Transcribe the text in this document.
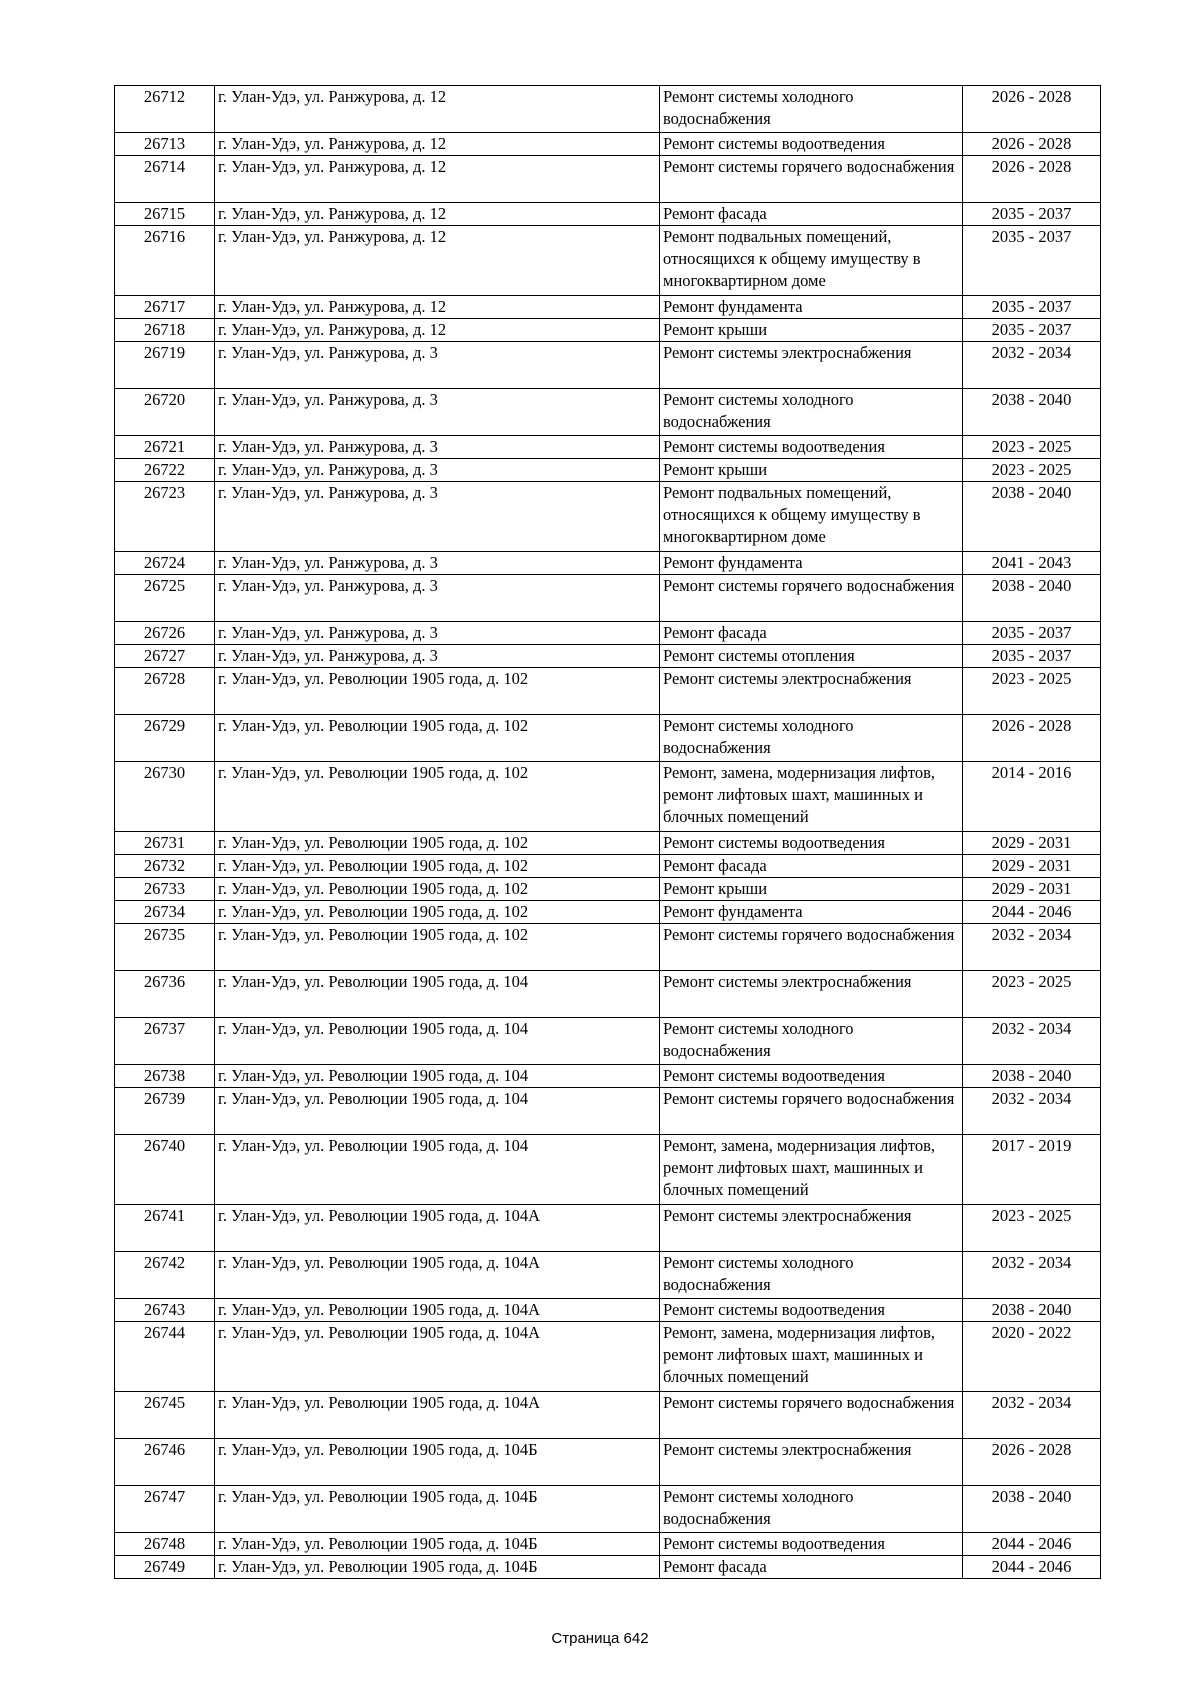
26712	г. Улан-Удэ, ул. Ранжурова, д. 12	Ремонт системы холодного водоснабжения	2026 - 2028
26713	г. Улан-Удэ, ул. Ранжурова, д. 12	Ремонт системы водоотведения	2026 - 2028
26714	г. Улан-Удэ, ул. Ранжурова, д. 12	Ремонт системы горячего водоснабжения	2026 - 2028
26715	г. Улан-Удэ, ул. Ранжурова, д. 12	Ремонт фасада	2035 - 2037
26716	г. Улан-Удэ, ул. Ранжурова, д. 12	Ремонт подвальных помещений, относящихся к общему имуществу в многоквартирном доме	2035 - 2037
26717	г. Улан-Удэ, ул. Ранжурова, д. 12	Ремонт фундамента	2035 - 2037
26718	г. Улан-Удэ, ул. Ранжурова, д. 12	Ремонт крыши	2035 - 2037
26719	г. Улан-Удэ, ул. Ранжурова, д. 3	Ремонт системы электроснабжения	2032 - 2034
26720	г. Улан-Удэ, ул. Ранжурова, д. 3	Ремонт системы холодного водоснабжения	2038 - 2040
26721	г. Улан-Удэ, ул. Ранжурова, д. 3	Ремонт системы водоотведения	2023 - 2025
26722	г. Улан-Удэ, ул. Ранжурова, д. 3	Ремонт крыши	2023 - 2025
26723	г. Улан-Удэ, ул. Ранжурова, д. 3	Ремонт подвальных помещений, относящихся к общему имуществу в многоквартирном доме	2038 - 2040
26724	г. Улан-Удэ, ул. Ранжурова, д. 3	Ремонт фундамента	2041 - 2043
26725	г. Улан-Удэ, ул. Ранжурова, д. 3	Ремонт системы горячего водоснабжения	2038 - 2040
26726	г. Улан-Удэ, ул. Ранжурова, д. 3	Ремонт фасада	2035 - 2037
26727	г. Улан-Удэ, ул. Ранжурова, д. 3	Ремонт системы отопления	2035 - 2037
26728	г. Улан-Удэ, ул. Революции 1905 года, д. 102	Ремонт системы электроснабжения	2023 - 2025
26729	г. Улан-Удэ, ул. Революции 1905 года, д. 102	Ремонт системы холодного водоснабжения	2026 - 2028
26730	г. Улан-Удэ, ул. Революции 1905 года, д. 102	Ремонт, замена, модернизация лифтов, ремонт лифтовых шахт, машинных и блочных помещений	2014 - 2016
26731	г. Улан-Удэ, ул. Революции 1905 года, д. 102	Ремонт системы водоотведения	2029 - 2031
26732	г. Улан-Удэ, ул. Революции 1905 года, д. 102	Ремонт фасада	2029 - 2031
26733	г. Улан-Удэ, ул. Революции 1905 года, д. 102	Ремонт крыши	2029 - 2031
26734	г. Улан-Удэ, ул. Революции 1905 года, д. 102	Ремонт фундамента	2044 - 2046
26735	г. Улан-Удэ, ул. Революции 1905 года, д. 102	Ремонт системы горячего водоснабжения	2032 - 2034
26736	г. Улан-Удэ, ул. Революции 1905 года, д. 104	Ремонт системы электроснабжения	2023 - 2025
26737	г. Улан-Удэ, ул. Революции 1905 года, д. 104	Ремонт системы холодного водоснабжения	2032 - 2034
26738	г. Улан-Удэ, ул. Революции 1905 года, д. 104	Ремонт системы водоотведения	2038 - 2040
26739	г. Улан-Удэ, ул. Революции 1905 года, д. 104	Ремонт системы горячего водоснабжения	2032 - 2034
26740	г. Улан-Удэ, ул. Революции 1905 года, д. 104	Ремонт, замена, модернизация лифтов, ремонт лифтовых шахт, машинных и блочных помещений	2017 - 2019
26741	г. Улан-Удэ, ул. Революции 1905 года, д. 104А	Ремонт системы электроснабжения	2023 - 2025
26742	г. Улан-Удэ, ул. Революции 1905 года, д. 104А	Ремонт системы холодного водоснабжения	2032 - 2034
26743	г. Улан-Удэ, ул. Революции 1905 года, д. 104А	Ремонт системы водоотведения	2038 - 2040
26744	г. Улан-Удэ, ул. Революции 1905 года, д. 104А	Ремонт, замена, модернизация лифтов, ремонт лифтовых шахт, машинных и блочных помещений	2020 - 2022
26745	г. Улан-Удэ, ул. Революции 1905 года, д. 104А	Ремонт системы горячего водоснабжения	2032 - 2034
26746	г. Улан-Удэ, ул. Революции 1905 года, д. 104Б	Ремонт системы электроснабжения	2026 - 2028
26747	г. Улан-Удэ, ул. Революции 1905 года, д. 104Б	Ремонт системы холодного водоснабжения	2038 - 2040
26748	г. Улан-Удэ, ул. Революции 1905 года, д. 104Б	Ремонт системы водоотведения	2044 - 2046
26749	г. Улан-Удэ, ул. Революции 1905 года, д. 104Б	Ремонт фасада	2044 - 2046
Страница 642
